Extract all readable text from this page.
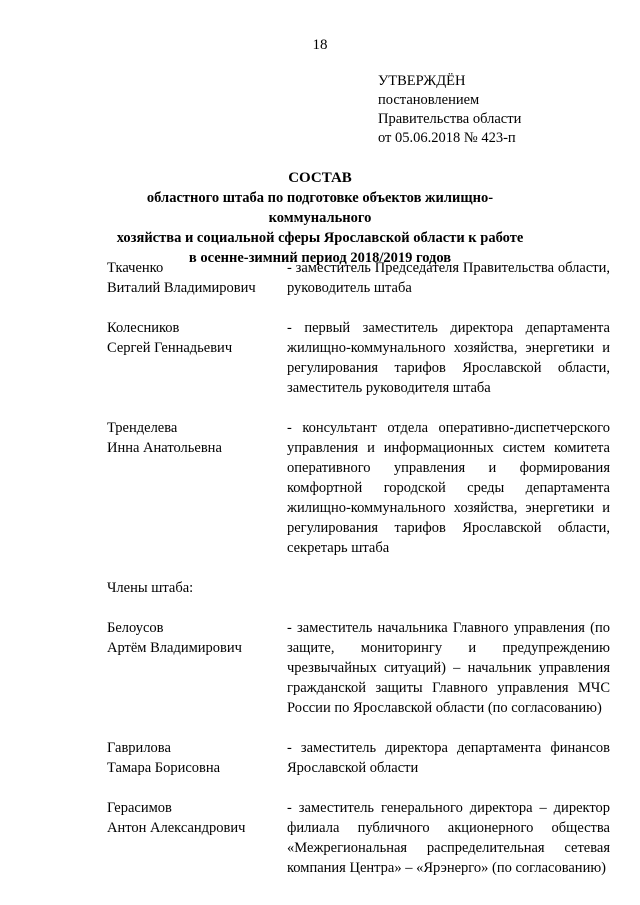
18
УТВЕРЖДЁН
постановлением
Правительства области
от 05.06.2018 № 423-п
СОСТАВ
областного штаба по подготовке объектов жилищно-коммунального
хозяйства и социальной сферы Ярославской области к работе
в осенне-зимний период 2018/2019 годов
Ткаченко
Виталий Владимирович
- заместитель Председателя Правительства области, руководитель штаба
Колесников
Сергей Геннадьевич
- первый заместитель директора департамента жилищно-коммунального хозяйства, энергетики и регулирования тарифов Ярославской области, заместитель руководителя штаба
Тренделева
Инна Анатольевна
- консультант отдела оперативно-диспетчерского управления и информационных систем комитета оперативного управления и формирования комфортной городской среды департамента жилищно-коммунального хозяйства, энергетики и регулирования тарифов Ярославской области, секретарь штаба
Члены штаба:
Белоусов
Артём Владимирович
- заместитель начальника Главного управления (по защите, мониторингу и предупреждению чрезвычайных ситуаций) – начальник управления гражданской защиты Главного управления МЧС России по Ярославской области (по согласованию)
Гаврилова
Тамара Борисовна
- заместитель директора департамента финансов Ярославской области
Герасимов
Антон Александрович
- заместитель генерального директора – директор филиала публичного акционерного общества «Межрегиональная распределительная сетевая компания Центра» – «Ярэнерго» (по согласованию)
